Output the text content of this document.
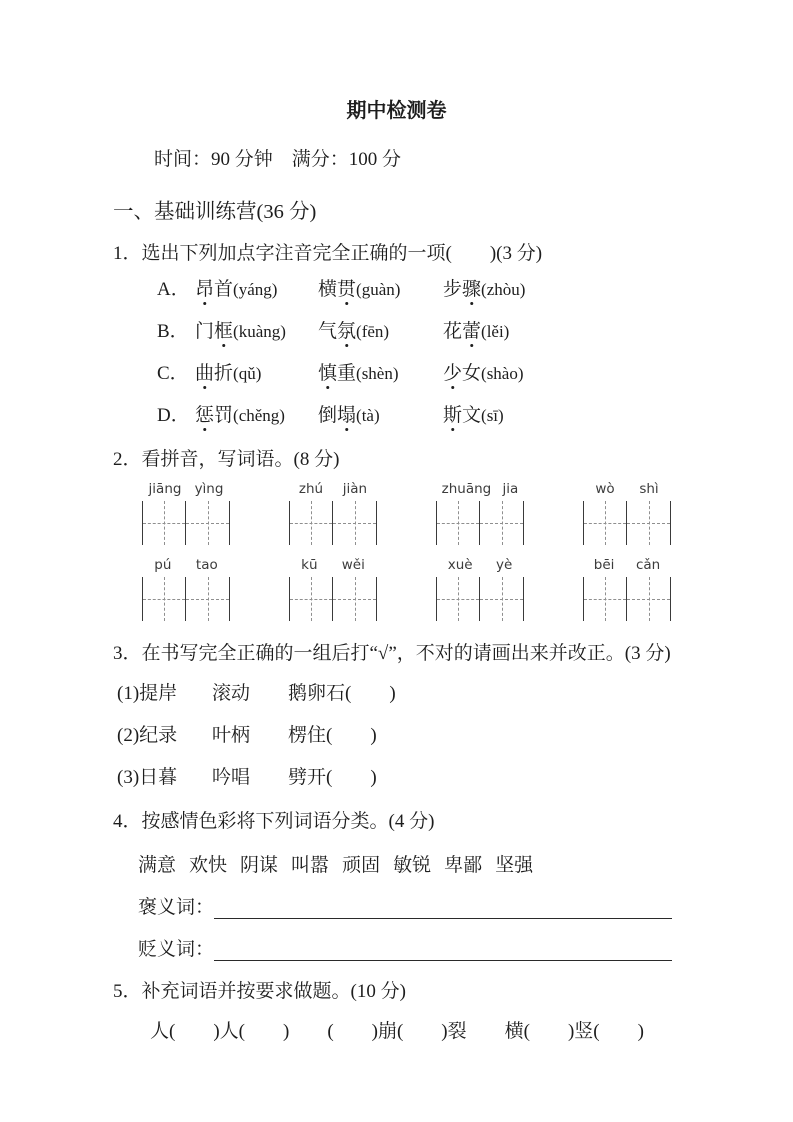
期中检测卷
时间：90 分钟　满分：100 分
一、基础训练营(36 分)
1．选出下列加点字注音完全正确的一项(　　)(3 分)
A． 昂首(yáng)	横贯(guàn)	步骤(zhòu)
B． 门框(kuàng)	气氛(fēn)	花蕾(lěi)
C． 曲折(qǔ)	慎重(shèn)	少女(shào)
D． 惩罚(chěng)	倒塌(tà)	斯文(sī)
2．看拼音，写词语。(8 分)
jiāng yìng	zhú jiàn	zhuāng jia	wò shì
pú tao	kū wěi	xuè yè	bēi cǎn
3．在书写完全正确的一组后打“√”，不对的请画出来并改正。(3 分)
(1)提岸	滚动	鹅卵石(　　)
(2)纪录	叶柄	楞住(　　)
(3)日暮	吟唱	劈开(　　)
4．按感情色彩将下列词语分类。(4 分)
满意 欢快 阴谋 叫嚣 顽固 敏锐 卑鄙 坚强
褒义词：
贬义词：
5．补充词语并按要求做题。(10 分)
人(　　)人(　　) (　　)崩(　　)裂 横(　　)竖(　　)
